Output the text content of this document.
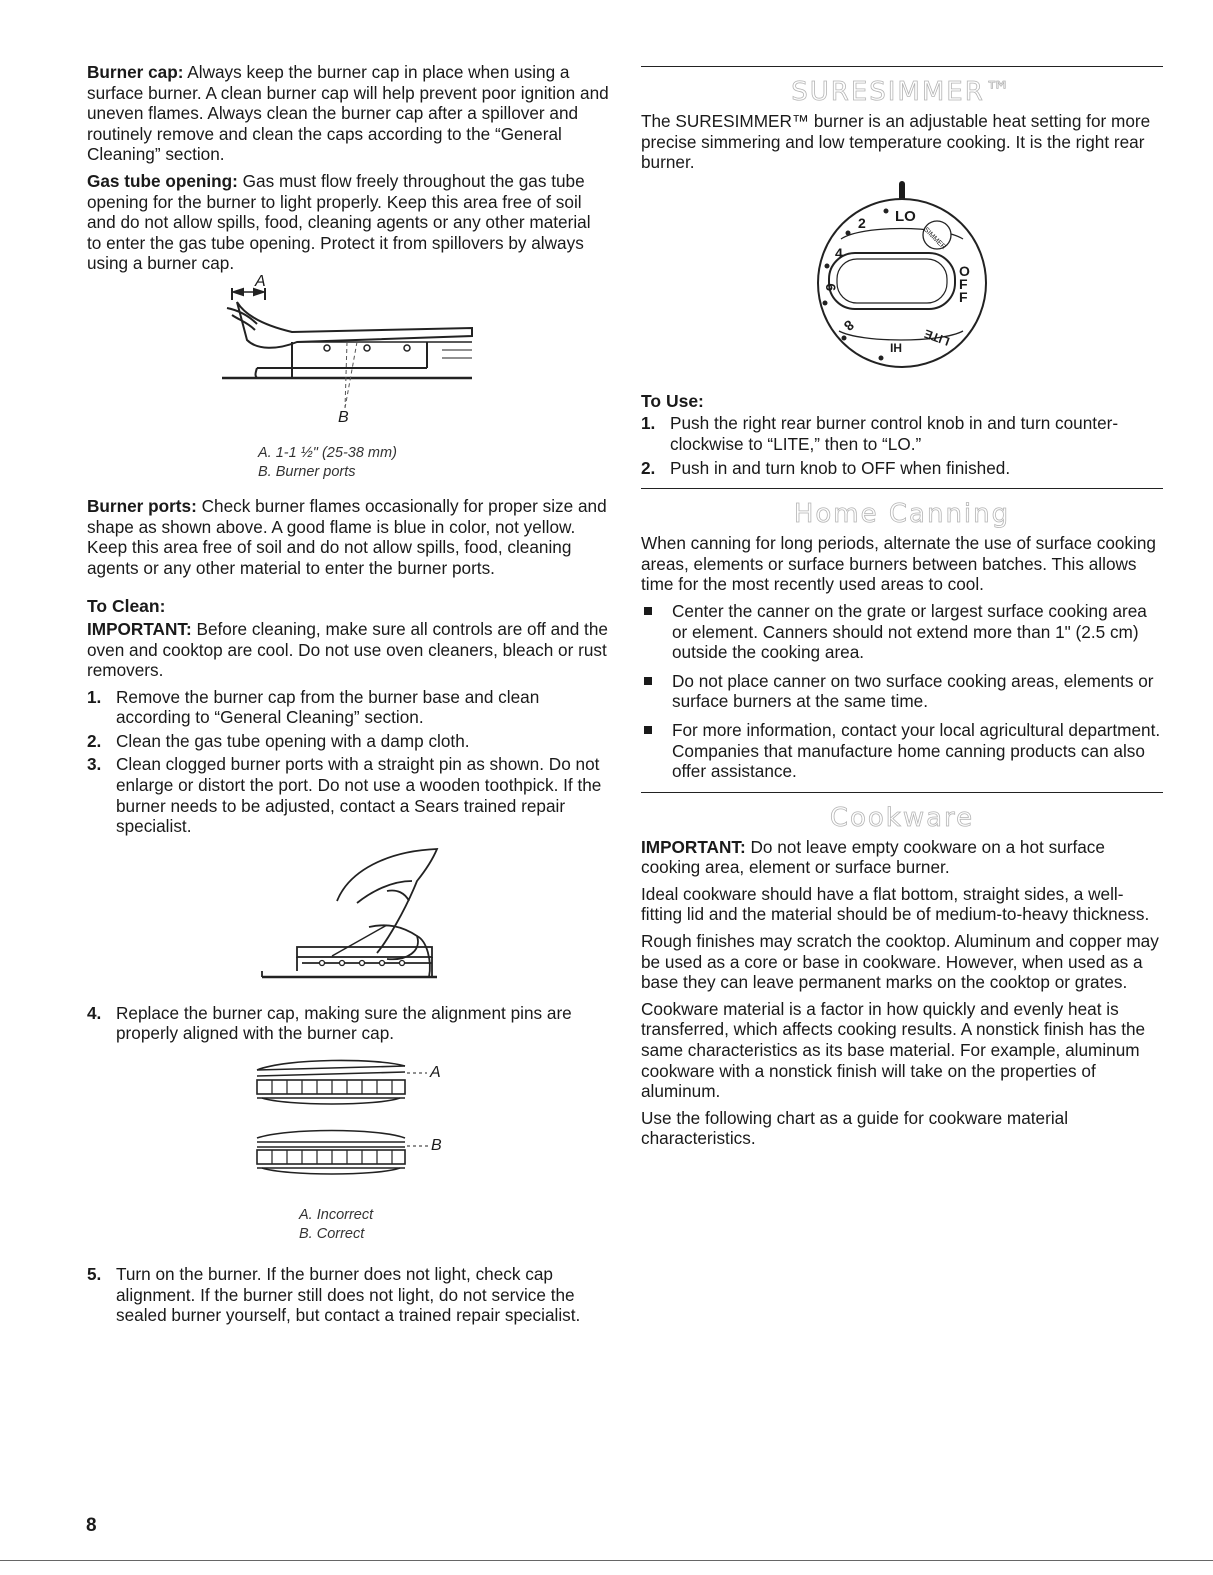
Burner cap: Always keep the burner cap in place when using a surface burner. A clean burner cap will help prevent poor ignition and uneven flames. Always clean the burner cap after a spillover and routinely remove and clean the caps according to the “General Cleaning” section.

Gas tube opening: Gas must flow freely throughout the gas tube opening for the burner to light properly. Keep this area free of soil and do not allow spills, food, cleaning agents or any other material to enter the gas tube opening. Protect it from spillovers by always using a burner cap.

A
B
A. 1-1 ½" (25-38 mm)
B. Burner ports

Burner ports: Check burner flames occasionally for proper size and shape as shown above. A good flame is blue in color, not yellow. Keep this area free of soil and do not allow spills, food, cleaning agents or any other material to enter the burner ports.

To Clean:

IMPORTANT: Before cleaning, make sure all controls are off and the oven and cooktop are cool. Do not use oven cleaners, bleach or rust removers.

1. Remove the burner cap from the burner base and clean according to “General Cleaning” section.
2. Clean the gas tube opening with a damp cloth.
3. Clean clogged burner ports with a straight pin as shown. Do not enlarge or distort the port. Do not use a wooden toothpick. If the burner needs to be adjusted, contact a Sears trained repair specialist.
4. Replace the burner cap, making sure the alignment pins are properly aligned with the burner cap.
A
B
A. Incorrect
B. Correct
5. Turn on the burner. If the burner does not light, check cap alignment. If the burner still does not light, do not service the sealed burner yourself, but contact a trained repair specialist.
SURESIMMER™

The SURESIMMER™ burner is an adjustable heat setting for more precise simmering and low temperature cooking. It is the right rear burner.

LO
SIMMER
OFF
2
4
6
8
HI LITE
To Use:
1. Push the right rear burner control knob in and turn counter-clockwise to “LITE,” then to “LO.”
2. Push in and turn knob to OFF when finished.
Home Canning

When canning for long periods, alternate the use of surface cooking areas, elements or surface burners between batches. This allows time for the most recently used areas to cool.

Center the canner on the grate or largest surface cooking area or element. Canners should not extend more than 1" (2.5 cm) outside the cooking area.
Do not place canner on two surface cooking areas, elements or surface burners at the same time.
For more information, contact your local agricultural department. Companies that manufacture home canning products can also offer assistance.
Cookware

IMPORTANT: Do not leave empty cookware on a hot surface cooking area, element or surface burner.

Ideal cookware should have a flat bottom, straight sides, a well-fitting lid and the material should be of medium-to-heavy thickness.

Rough finishes may scratch the cooktop. Aluminum and copper may be used as a core or base in cookware. However, when used as a base they can leave permanent marks on the cooktop or grates.

Cookware material is a factor in how quickly and evenly heat is transferred, which affects cooking results. A nonstick finish has the same characteristics as its base material. For example, aluminum cookware with a nonstick finish will take on the properties of aluminum.

Use the following chart as a guide for cookware material characteristics.

8
